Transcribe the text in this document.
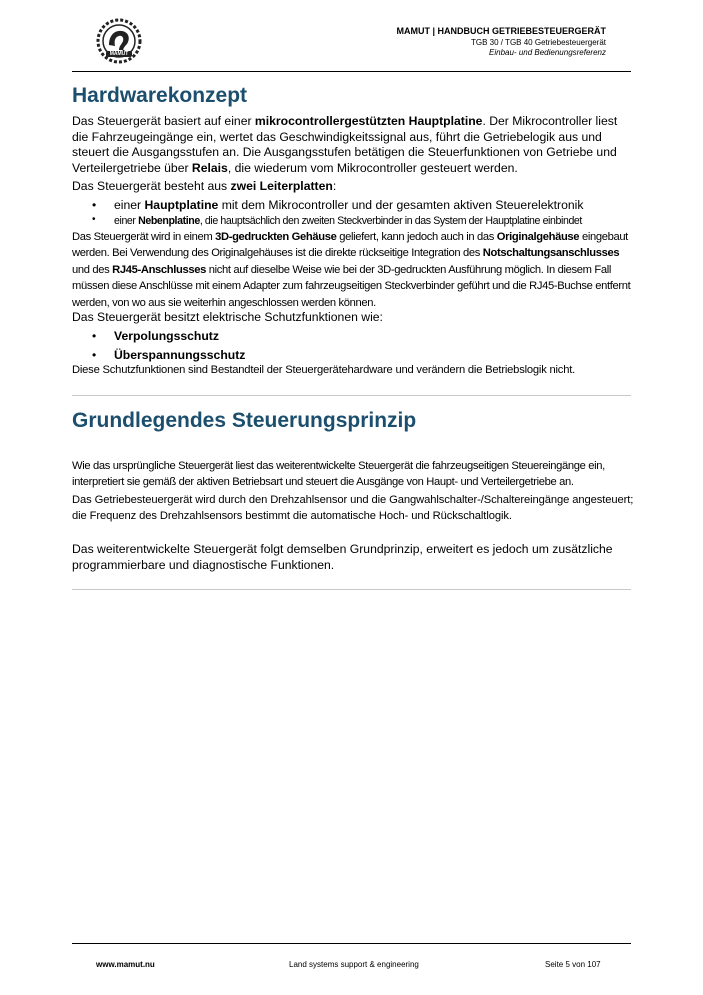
MAMUT
MAMUT | HANDBUCH GETRIEBESTEUERGERÄT
TGB 30 / TGB 40 Getriebesteuergerät
Einbau- und Bedienungsreferenz
Hardwarekonzept
Das Steuergerät basiert auf einer mikrocontrollergestützten Hauptplatine. Der Mikrocontroller liest die Fahrzeugeingänge ein, wertet das Geschwindigkeitssignal aus, führt die Getriebelogik aus und steuert die Ausgangsstufen an. Die Ausgangsstufen betätigen die Steuerfunktionen von Getriebe und Verteilergetriebe über Relais, die wiederum vom Mikrocontroller gesteuert werden.
Das Steuergerät besteht aus zwei Leiterplatten:
• einer Hauptplatine mit dem Mikrocontroller und der gesamten aktiven Steuerelektronik
• einer Nebenplatine, die hauptsächlich den zweiten Steckverbinder in das System der Hauptplatine einbindet
Das Steuergerät wird in einem 3D-gedruckten Gehäuse geliefert, kann jedoch auch in das Originalgehäuse eingebaut werden. Bei Verwendung des Originalgehäuses ist die direkte rückseitige Integration des Notschaltungsanschlusses und des RJ45-Anschlusses nicht auf dieselbe Weise wie bei der 3D-gedruckten Ausführung möglich. In diesem Fall müssen diese Anschlüsse mit einem Adapter zum fahrzeugseitigen Steckverbinder geführt und die RJ45-Buchse entfernt werden, von wo aus sie weiterhin angeschlossen werden können.
Das Steuergerät besitzt elektrische Schutzfunktionen wie:
• Verpolungsschutz
• Überspannungsschutz
Diese Schutzfunktionen sind Bestandteil der Steuergerätehardware und verändern die Betriebslogik nicht.
Grundlegendes Steuerungsprinzip
Wie das ursprüngliche Steuergerät liest das weiterentwickelte Steuergerät die fahrzeugseitigen Steuereingänge ein, interpretiert sie gemäß der aktiven Betriebsart und steuert die Ausgänge von Haupt- und Verteilergetriebe an.
Das Getriebesteuergerät wird durch den Drehzahlsensor und die Gangwahlschalter-/Schaltereingänge angesteuert; die Frequenz des Drehzahlsensors bestimmt die automatische Hoch- und Rückschaltlogik.
Das weiterentwickelte Steuergerät folgt demselben Grundprinzip, erweitert es jedoch um zusätzliche programmierbare und diagnostische Funktionen.
www.mamut.nu	Land systems support & engineering	Seite 5 von 107
